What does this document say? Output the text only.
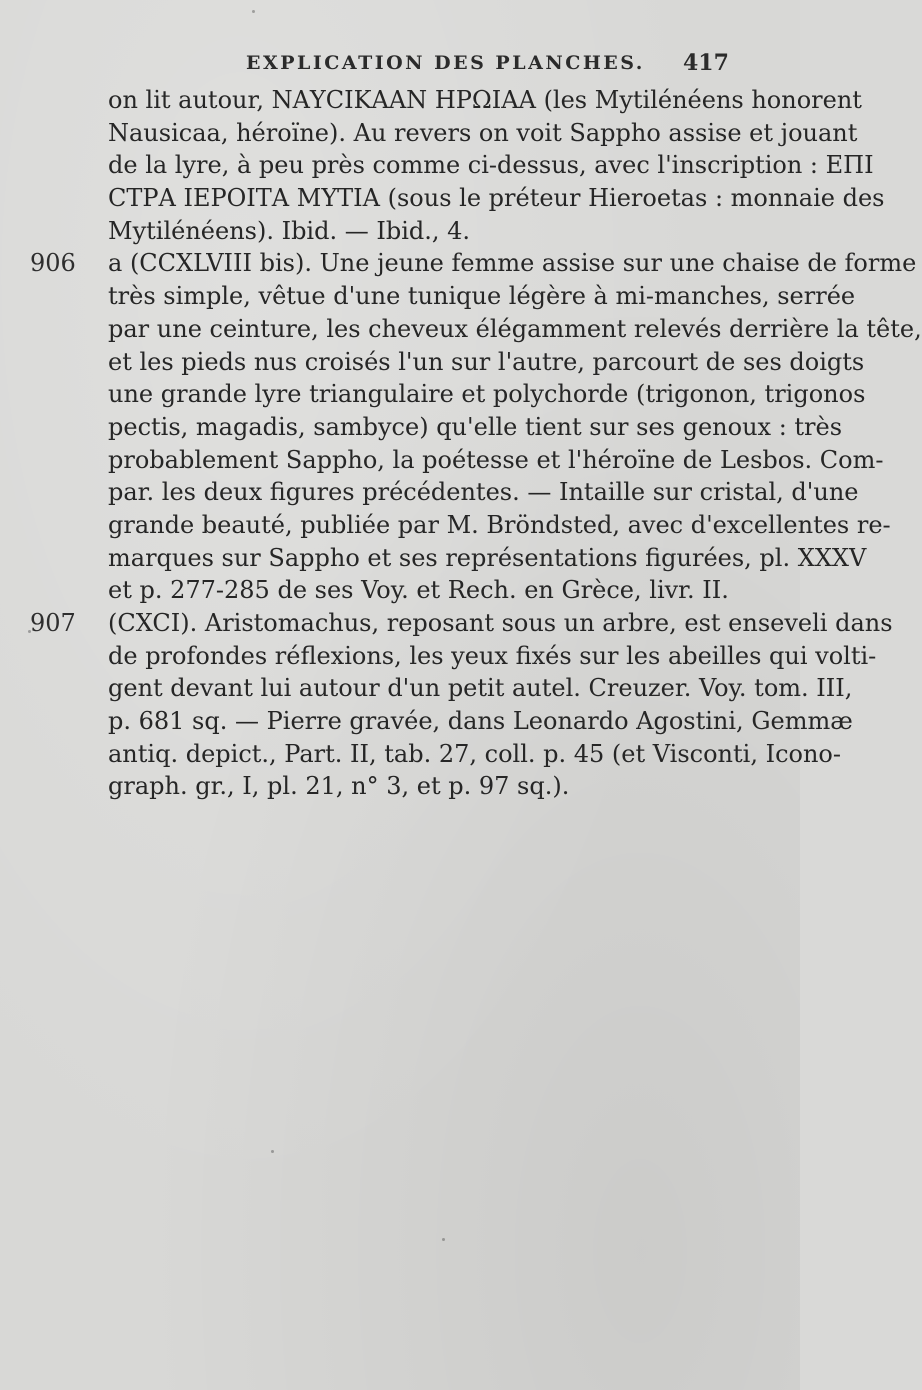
EXPLICATION DES PLANCHES. 417
on lit autour, ΝΑΥCΙΚΑΑΝ ΗΡΩΙΑΑ (les Mytilénéens honorent
Nausicaa, héroïne). Au revers on voit Sappho assise et jouant
de la lyre, à peu près comme ci-dessus, avec l'inscription : ΕΠΙ
CΤΡΑ ΙΕΡΟΙΤΑ ΜΥΤΙΑ (sous le préteur Hieroetas : monnaie des
Mytilénéens). Ibid. — Ibid., 4.
906 a (CCXLVIII bis). Une jeune femme assise sur une chaise de forme
très simple, vêtue d'une tunique légère à mi-manches, serrée
par une ceinture, les cheveux élégamment relevés derrière la tête,
et les pieds nus croisés l'un sur l'autre, parcourt de ses doigts
une grande lyre triangulaire et polychorde (trigonon, trigonos
pectis, magadis, sambyce) qu'elle tient sur ses genoux : très
probablement Sappho, la poétesse et l'héroïne de Lesbos. Com-
par. les deux figures précédentes. — Intaille sur cristal, d'une
grande beauté, publiée par M. Bröndsted, avec d'excellentes re-
marques sur Sappho et ses représentations figurées, pl. XXXV
et p. 277-285 de ses Voy. et Rech. en Grèce, livr. II.
907 (CXCI). Aristomachus, reposant sous un arbre, est enseveli dans
de profondes réflexions, les yeux fixés sur les abeilles qui volti-
gent devant lui autour d'un petit autel. Creuzer. Voy. tom. III,
p. 681 sq. — Pierre gravée, dans Leonardo Agostini, Gemmæ
antiq. depict., Part. II, tab. 27, coll. p. 45 (et Visconti, Icono-
graph. gr., I, pl. 21, n° 3, et p. 97 sq.).
